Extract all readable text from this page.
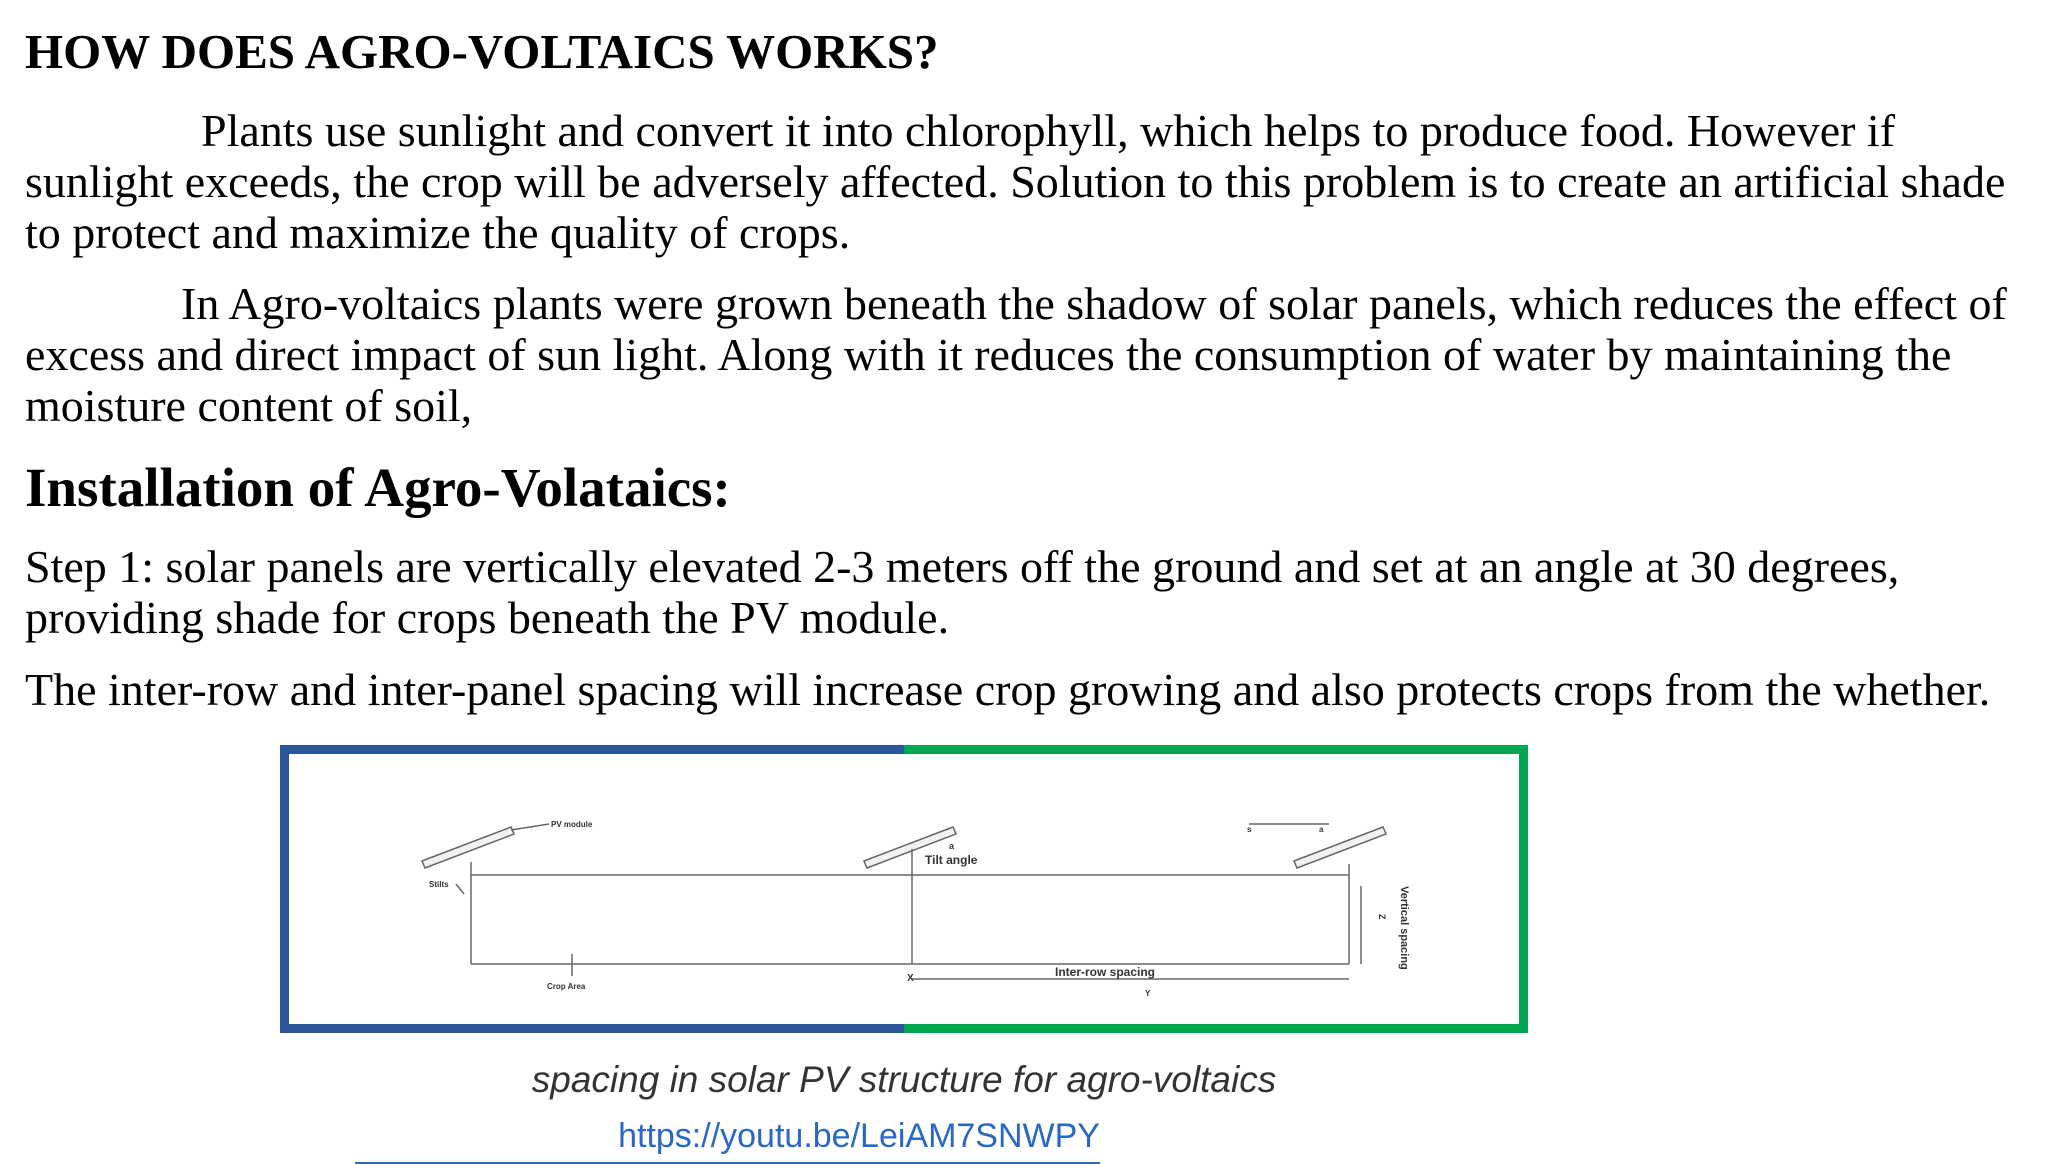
HOW DOES AGRO-VOLTAICS WORKS?

Plants use sunlight and convert it into chlorophyll, which helps to produce food. However if sunlight exceeds, the crop will be adversely affected. Solution to this problem is to create an artificial shade to protect and maximize the quality of crops.

In Agro-voltaics plants were grown beneath the shadow of solar panels, which reduces the effect of excess and direct impact of sun light. Along with it reduces the consumption of water by maintaining the moisture content of soil,

Installation of Agro-Volataics:

Step 1: solar panels are vertically elevated 2-3 meters off the ground and set at an angle at 30 degrees, providing shade for crops beneath the PV module.

The inter-row and inter-panel spacing will increase crop growing and also protects crops from the whether.

PV module
Stilts
Crop Area
a
Tilt angle
Inter-row spacing
X
Y
s	a
Z Vertical spacing

spacing in solar PV structure for agro-voltaics

https://youtu.be/LeiAM7SNWPY
